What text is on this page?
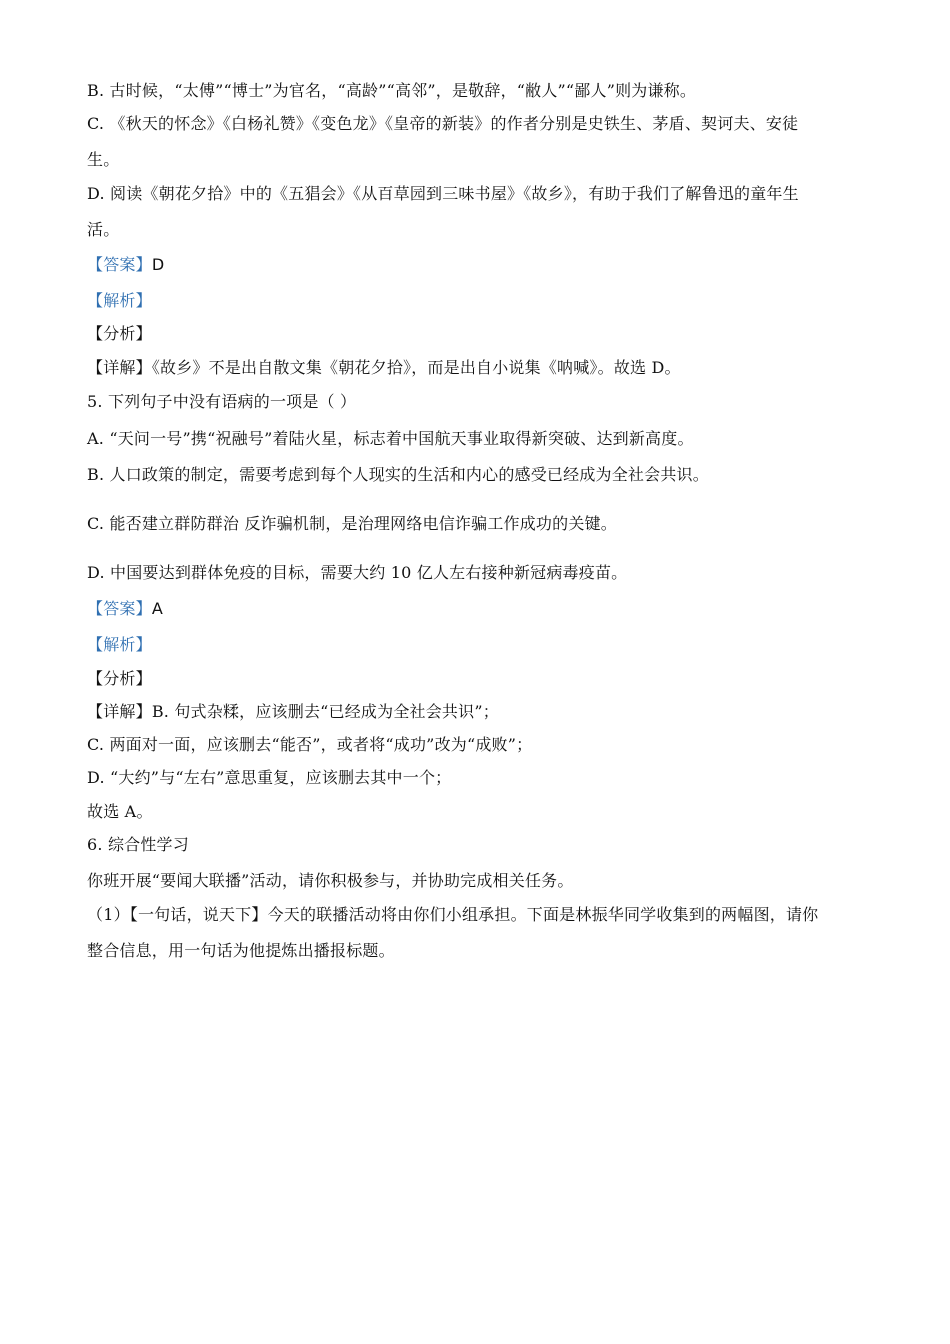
B. 古时候，“太傅”“博士”为官名，“高龄”“高邻”，是敬辞，“敝人”“鄙人”则为谦称。
C. 《秋天的怀念》《白杨礼赞》《变色龙》《皇帝的新装》的作者分别是史铁生、茅盾、契诃夫、安徒
生。
D. 阅读《朝花夕拾》中的《五猖会》《从百草园到三味书屋》《故乡》，有助于我们了解鲁迅的童年生
活。
【答案】D
【解析】
【分析】
【详解】《故乡》不是出自散文集《朝花夕拾》，而是出自小说集《呐喊》。故选 D。
5. 下列句子中没有语病的一项是（ ）
A. “天问一号”携“祝融号”着陆火星，标志着中国航天事业取得新突破、达到新高度。
B. 人口政策的制定，需要考虑到每个人现实的生活和内心的感受已经成为全社会共识。
C. 能否建立群防群治 反诈骗机制，是治理网络电信诈骗工作成功的关键。
D. 中国要达到群体免疫的目标，需要大约 10 亿人左右接种新冠病毒疫苗。
【答案】A
【解析】
【分析】
【详解】B. 句式杂糅，应该删去“已经成为全社会共识”；
C. 两面对一面，应该删去“能否”，或者将“成功”改为“成败”；
D. “大约”与“左右”意思重复，应该删去其中一个；
故选 A。
6. 综合性学习
你班开展“要闻大联播”活动，请你积极参与，并协助完成相关任务。
（1）【一句话，说天下】今天的联播活动将由你们小组承担。下面是林振华同学收集到的两幅图，请你
整合信息，用一句话为他提炼出播报标题。
